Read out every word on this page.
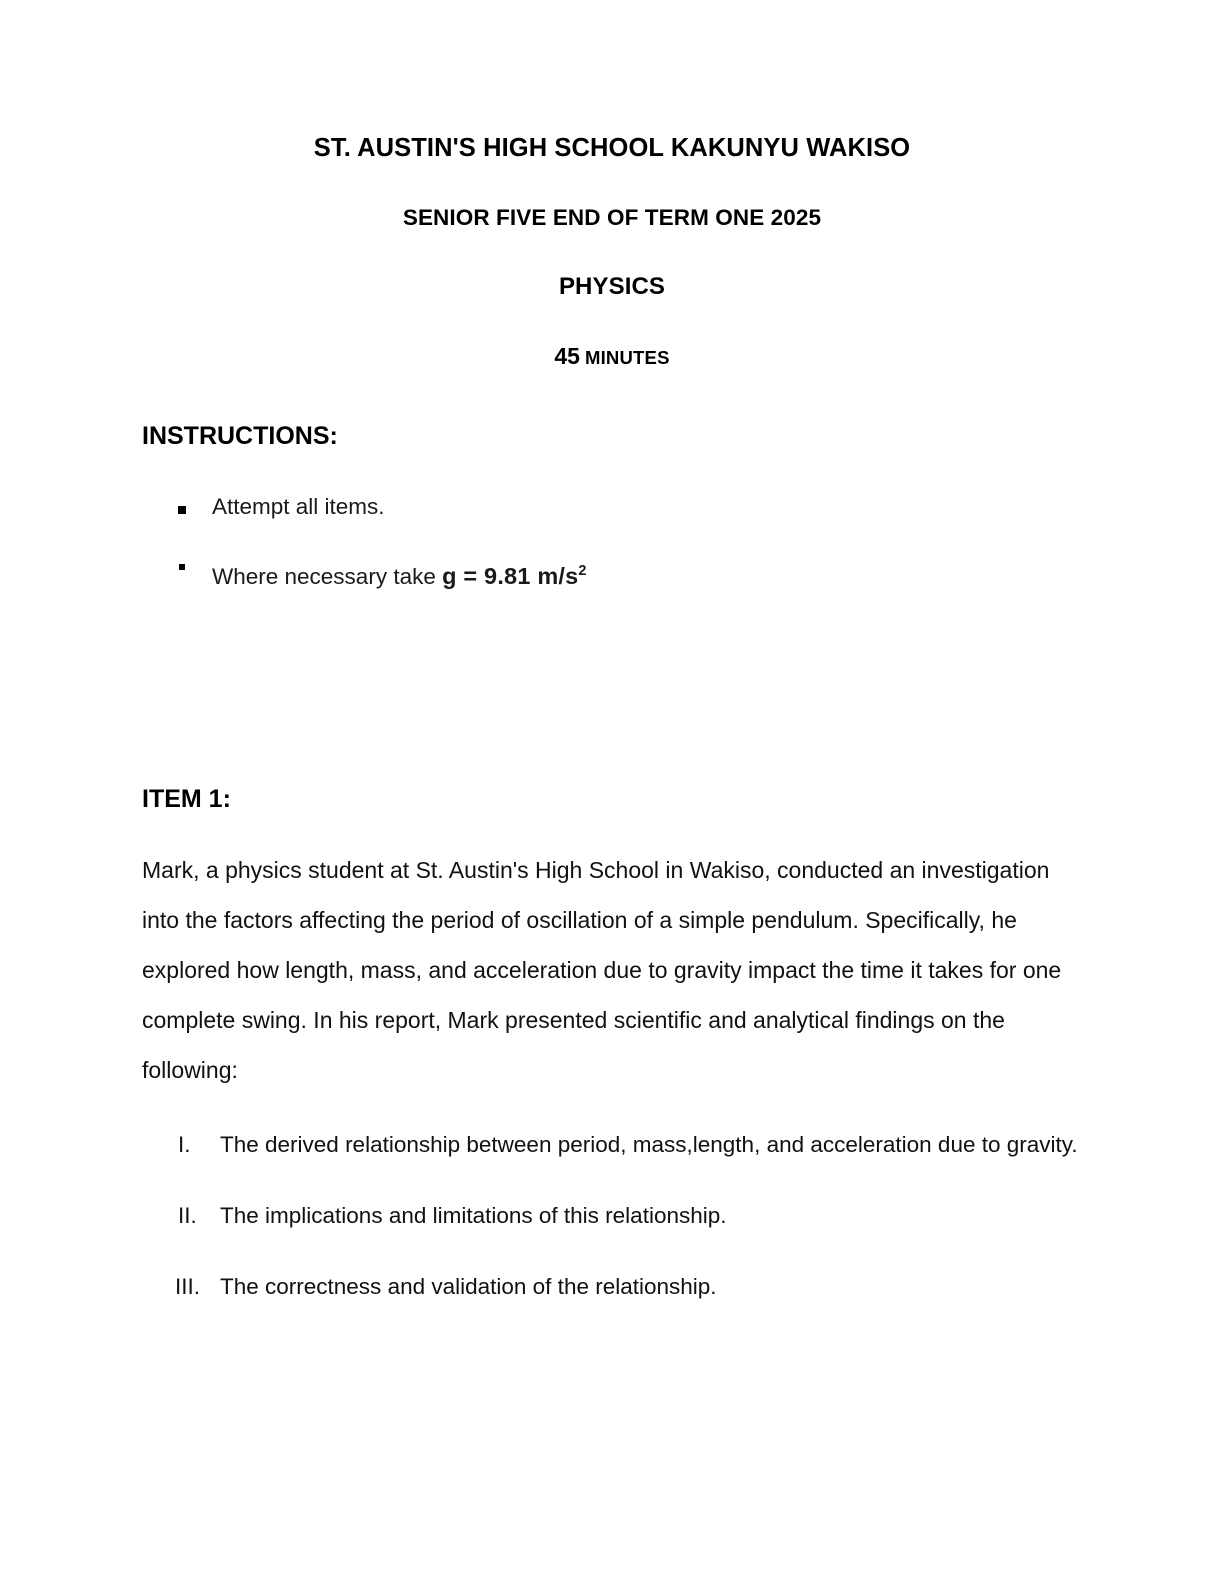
ST. AUSTIN'S HIGH SCHOOL KAKUNYU WAKISO
SENIOR FIVE END OF TERM ONE 2025
PHYSICS
45 MINUTES
INSTRUCTIONS:
Attempt all items.
Where necessary take g = 9.81 $m/s^2$
ITEM 1:

Mark, a physics student at St. Austin's High School in Wakiso, conducted an investigation into the factors affecting the period of oscillation of a simple pendulum. Specifically, he explored how length, mass, and acceleration due to gravity impact the time it takes for one complete swing. In his report, Mark presented scientific and analytical findings on the following:

I.	The derived relationship between period, mass,length, and acceleration due to gravity.
II.	The implications and limitations of this relationship.
III. The correctness and validation of the relationship.
